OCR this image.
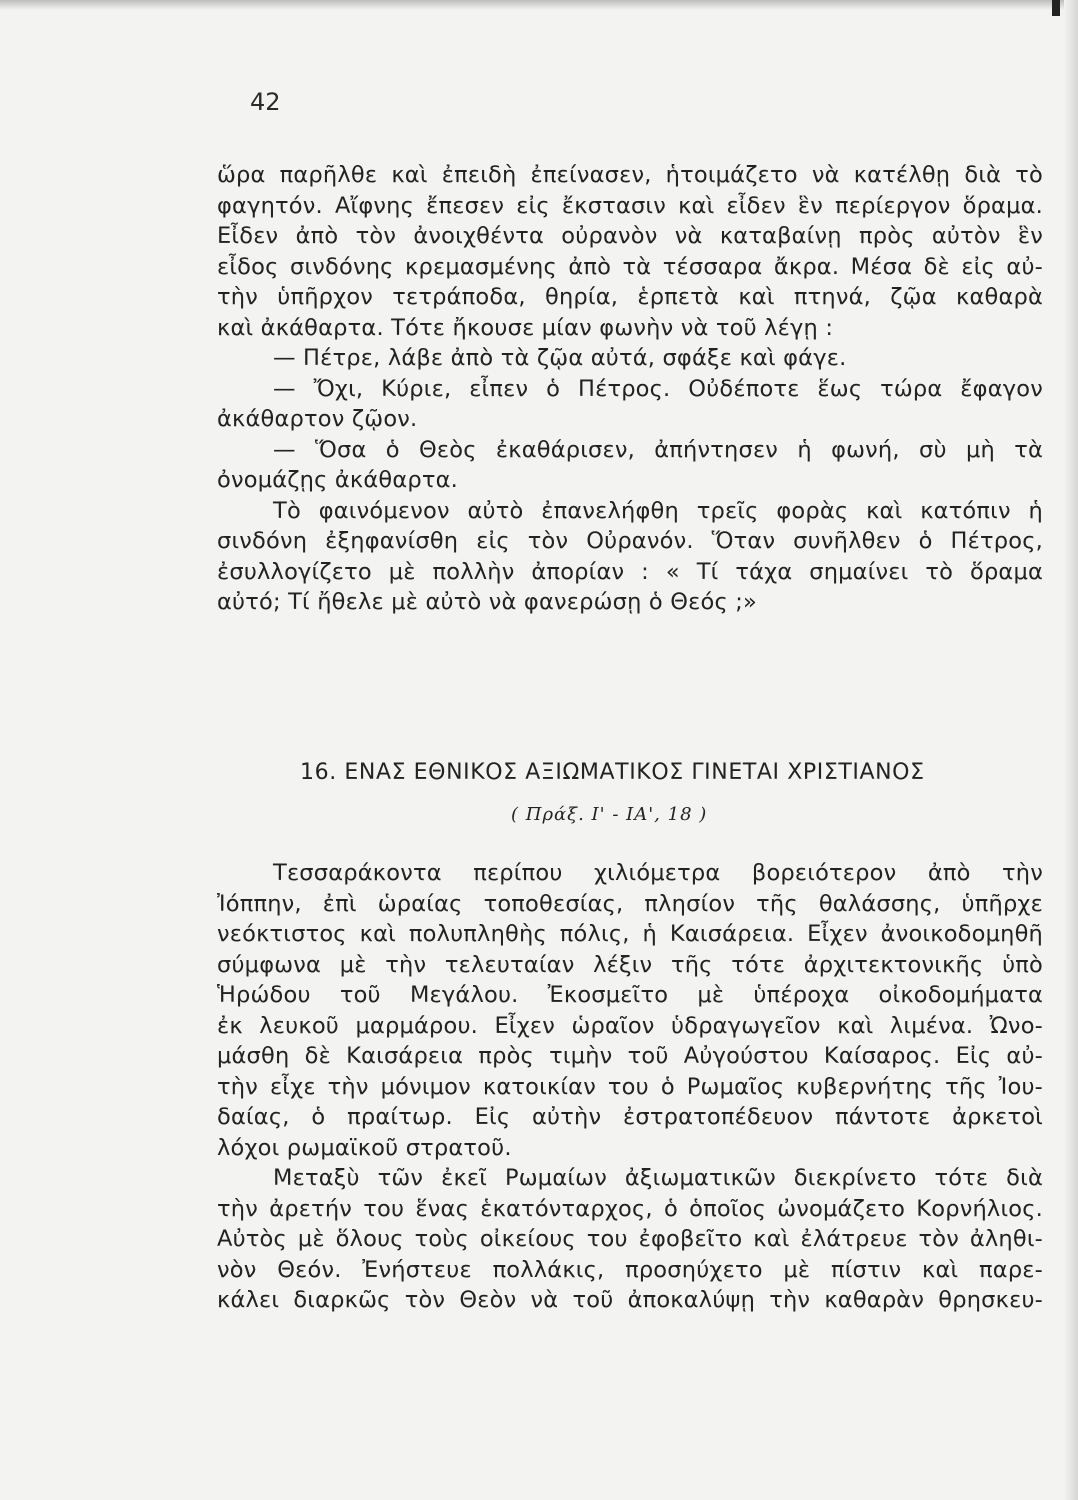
42
ὥρα παρῆλθε καὶ ἐπειδὴ ἐπείνασεν, ἡτοιμάζετο νὰ κατέλθῃ διὰ τὸ
φαγητόν. Αἴφνης ἔπεσεν εἰς ἔκστασιν καὶ εἶδεν ἓν περίεργον ὅραμα.
Εἶδεν ἀπὸ τὸν ἀνοιχθέντα οὐρανὸν νὰ καταβαίνῃ πρὸς αὐτὸν ἓν
εἶδος σινδόνης κρεμασμένης ἀπὸ τὰ τέσσαρα ἄκρα. Μέσα δὲ εἰς αὐ-
τὴν ὑπῆρχον τετράποδα, θηρία, ἑρπετὰ καὶ πτηνά, ζῷα καθαρὰ
καὶ ἀκάθαρτα. Τότε ἤκουσε μίαν φωνὴν νὰ τοῦ λέγῃ :
— Πέτρε, λάβε ἀπὸ τὰ ζῷα αὐτά, σφάξε καὶ φάγε.
— Ὄχι, Κύριε, εἶπεν ὁ Πέτρος. Οὐδέποτε ἕως τώρα ἔφαγον
ἀκάθαρτον ζῷον.
— Ὅσα ὁ Θεὸς ἐκαθάρισεν, ἀπήντησεν ἡ φωνή, σὺ μὴ τὰ
ὀνομάζῃς ἀκάθαρτα.
Τὸ φαινόμενον αὐτὸ ἐπανελήφθη τρεῖς φορὰς καὶ κατόπιν ἡ
σινδόνη ἐξηφανίσθη εἰς τὸν Οὐρανόν. Ὅταν συνῆλθεν ὁ Πέτρος,
ἐσυλλογίζετο μὲ πολλὴν ἀπορίαν : « Τί τάχα σημαίνει τὸ ὅραμα
αὐτό; Τί ἤθελε μὲ αὐτὸ νὰ φανερώσῃ ὁ Θεός ;»
16. ΕΝΑΣ ΕΘΝΙΚΟΣ ΑΞΙΩΜΑΤΙΚΟΣ ΓΙΝΕΤΑΙ ΧΡΙΣΤΙΑΝΟΣ
( Πράξ. Ι' - ΙΑ', 18 )
Τεσσαράκοντα περίπου χιλιόμετρα βορειότερον ἀπὸ τὴν
Ἰόππην, ἐπὶ ὡραίας τοποθεσίας, πλησίον τῆς θαλάσσης, ὑπῆρχε
νεόκτιστος καὶ πολυπληθὴς πόλις, ἡ Καισάρεια. Εἶχεν ἀνοικοδομηθῆ
σύμφωνα μὲ τὴν τελευταίαν λέξιν τῆς τότε ἀρχιτεκτονικῆς ὑπὸ
Ἡρώδου τοῦ Μεγάλου. Ἐκοσμεῖτο μὲ ὑπέροχα οἰκοδομήματα
ἐκ λευκοῦ μαρμάρου. Εἶχεν ὡραῖον ὑδραγωγεῖον καὶ λιμένα. Ὠνο-
μάσθη δὲ Καισάρεια πρὸς τιμὴν τοῦ Αὐγούστου Καίσαρος. Εἰς αὐ-
τὴν εἶχε τὴν μόνιμον κατοικίαν του ὁ Ρωμαῖος κυβερνήτης τῆς Ἰου-
δαίας, ὁ πραίτωρ. Εἰς αὐτὴν ἐστρατοπέδευον πάντοτε ἀρκετοὶ
λόχοι ρωμαϊκοῦ στρατοῦ.
Μεταξὺ τῶν ἐκεῖ Ρωμαίων ἀξιωματικῶν διεκρίνετο τότε διὰ
τὴν ἀρετήν του ἕνας ἑκατόνταρχος, ὁ ὁποῖος ὠνομάζετο Κορνήλιος.
Αὐτὸς μὲ ὅλους τοὺς οἰκείους του ἐφοβεῖτο καὶ ἐλάτρευε τὸν ἀληθι-
νὸν Θεόν. Ἐνήστευε πολλάκις, προσηύχετο μὲ πίστιν καὶ παρε-
κάλει διαρκῶς τὸν Θεὸν νὰ τοῦ ἀποκαλύψῃ τὴν καθαρὰν θρησκευ-
